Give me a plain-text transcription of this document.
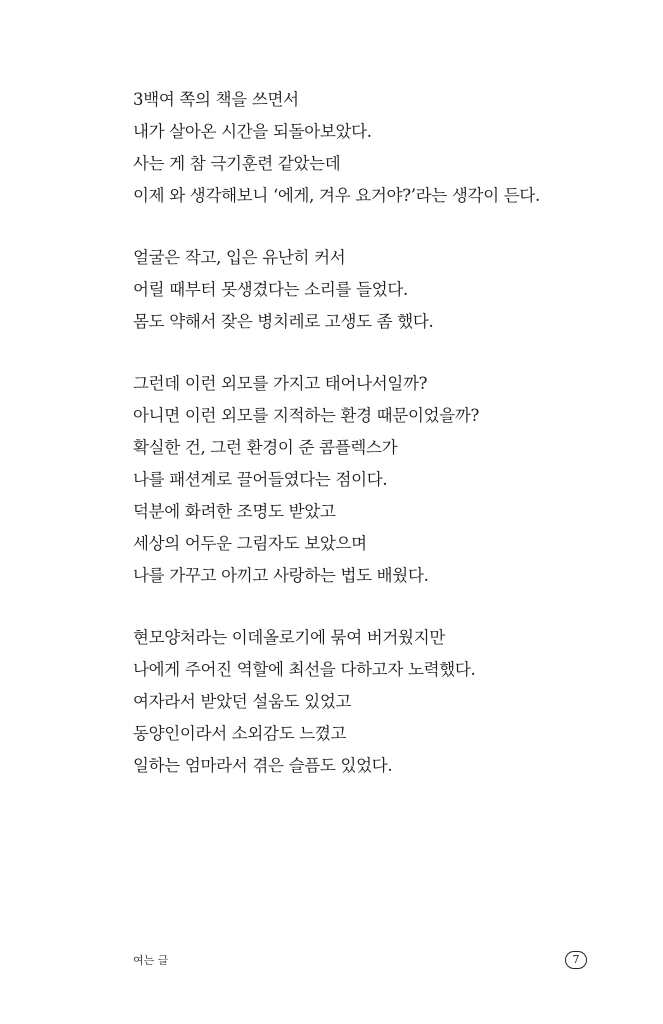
3백여 쪽의 책을 쓰면서
내가 살아온 시간을 되돌아보았다.
사는 게 참 극기훈련 같았는데
이제 와 생각해보니 ‘에게, 겨우 요거야?’라는 생각이 든다.
얼굴은 작고, 입은 유난히 커서
어릴 때부터 못생겼다는 소리를 들었다.
몸도 약해서 잦은 병치레로 고생도 좀 했다.
그런데 이런 외모를 가지고 태어나서일까?
아니면 이런 외모를 지적하는 환경 때문이었을까?
확실한 건, 그런 환경이 준 콤플렉스가
나를 패션계로 끌어들였다는 점이다.
덕분에 화려한 조명도 받았고
세상의 어두운 그림자도 보았으며
나를 가꾸고 아끼고 사랑하는 법도 배웠다.
현모양처라는 이데올로기에 묶여 버거웠지만
나에게 주어진 역할에 최선을 다하고자 노력했다.
여자라서 받았던 설움도 있었고
동양인이라서 소외감도 느꼈고
일하는 엄마라서 겪은 슬픔도 있었다.
여는 글	7
